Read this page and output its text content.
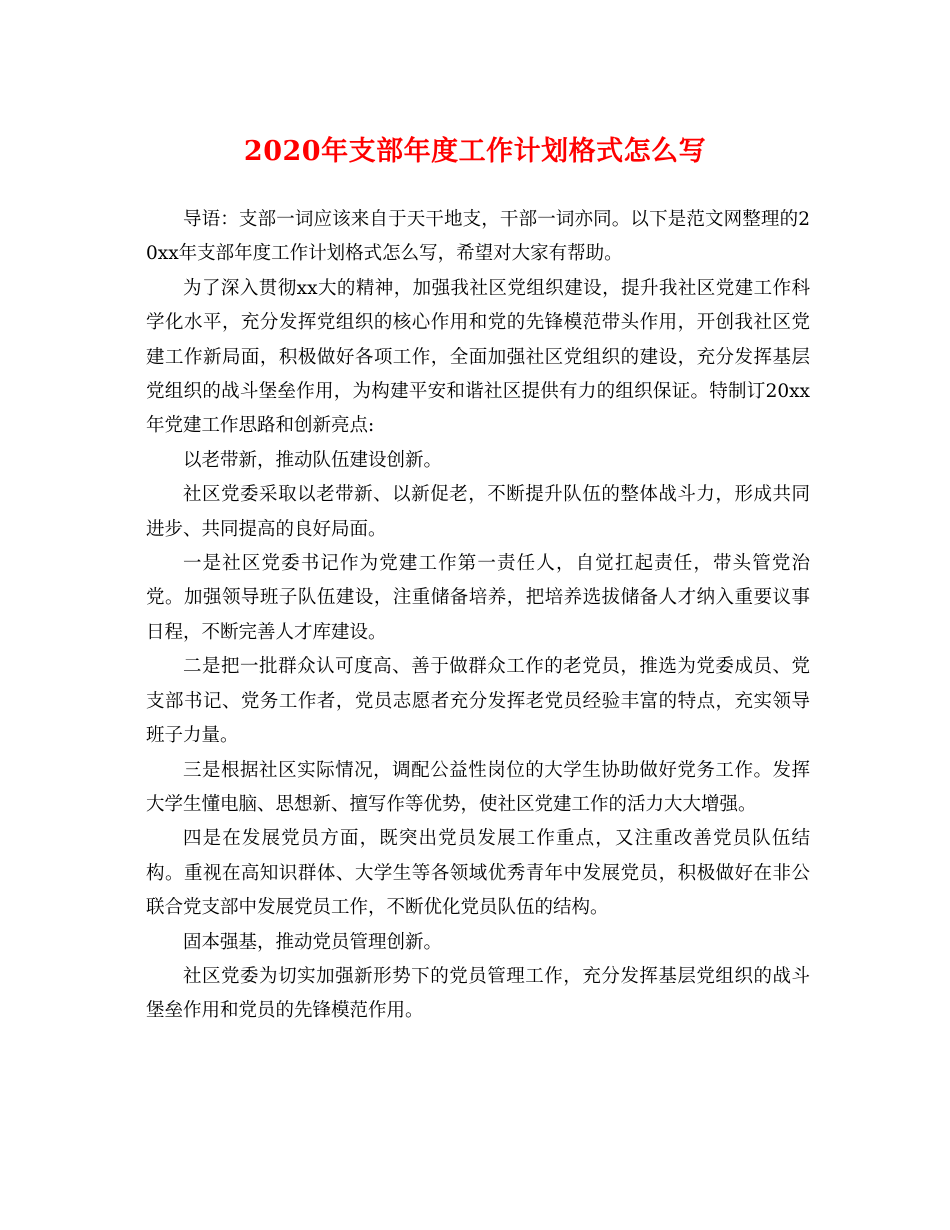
2020年支部年度工作计划格式怎么写

导语：支部一词应该来自于天干地支，干部一词亦同。以下是范文网整理的20xx年支部年度工作计划格式怎么写，希望对大家有帮助。

为了深入贯彻xx大的精神，加强我社区党组织建设，提升我社区党建工作科学化水平，充分发挥党组织的核心作用和党的先锋模范带头作用，开创我社区党建工作新局面，积极做好各项工作，全面加强社区党组织的建设，充分发挥基层党组织的战斗堡垒作用，为构建平安和谐社区提供有力的组织保证。特制订20xx年党建工作思路和创新亮点:

以老带新，推动队伍建设创新。

社区党委采取以老带新、以新促老，不断提升队伍的整体战斗力，形成共同进步、共同提高的良好局面。

一是社区党委书记作为党建工作第一责任人，自觉扛起责任，带头管党治党。加强领导班子队伍建设，注重储备培养，把培养选拔储备人才纳入重要议事日程，不断完善人才库建设。

二是把一批群众认可度高、善于做群众工作的老党员，推选为党委成员、党支部书记、党务工作者，党员志愿者充分发挥老党员经验丰富的特点，充实领导班子力量。

三是根据社区实际情况，调配公益性岗位的大学生协助做好党务工作。发挥大学生懂电脑、思想新、擅写作等优势，使社区党建工作的活力大大增强。

四是在发展党员方面，既突出党员发展工作重点，又注重改善党员队伍结构。重视在高知识群体、大学生等各领域优秀青年中发展党员，积极做好在非公联合党支部中发展党员工作，不断优化党员队伍的结构。

固本强基，推动党员管理创新。

社区党委为切实加强新形势下的党员管理工作，充分发挥基层党组织的战斗堡垒作用和党员的先锋模范作用。
